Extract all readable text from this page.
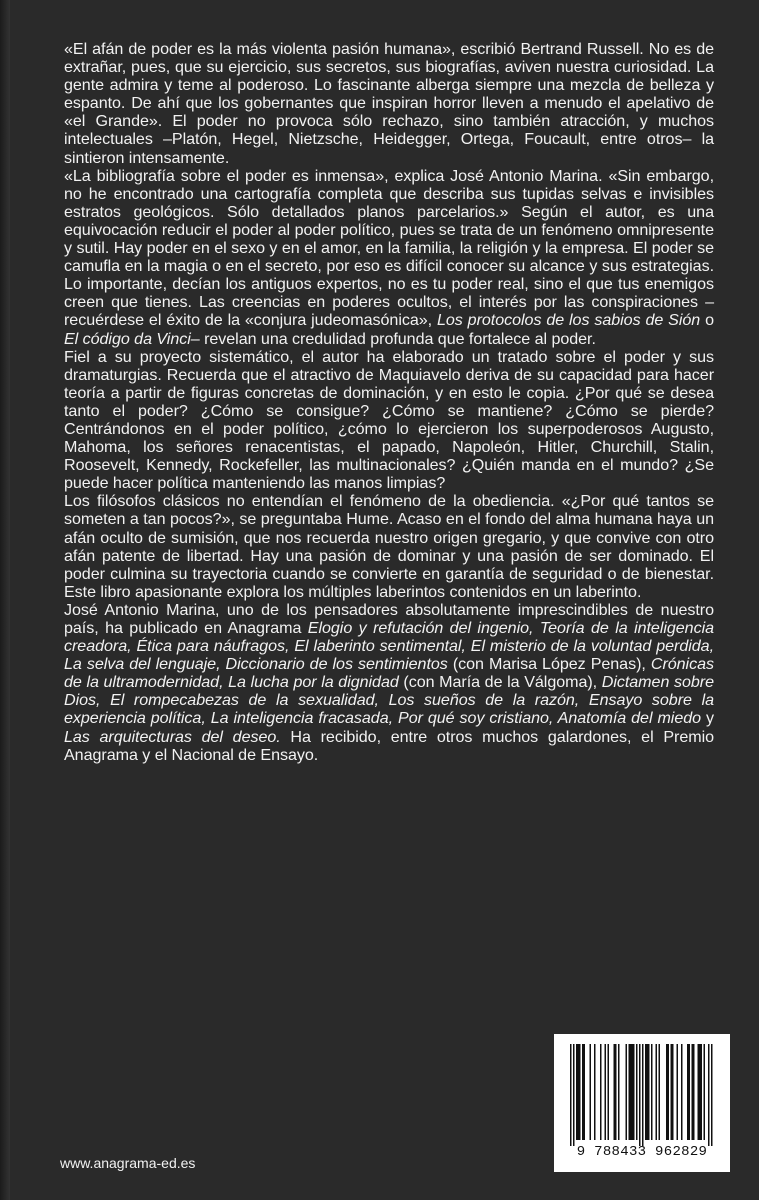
«El afán de poder es la más violenta pasión humana», escribió Bertrand Russell. No es de extrañar, pues, que su ejercicio, sus secretos, sus biografías, aviven nuestra curiosidad. La gente admira y teme al poderoso. Lo fascinante alberga siempre una mezcla de belleza y espanto. De ahí que los gobernantes que inspiran horror lleven a menudo el apelativo de «el Grande». El poder no provoca sólo rechazo, sino también atracción, y muchos intelectuales –Platón, Hegel, Nietzsche, Heidegger, Ortega, Foucault, entre otros– la sintieron intensamente.

«La bibliografía sobre el poder es inmensa», explica José Antonio Marina. «Sin embargo, no he encontrado una cartografía completa que describa sus tupidas selvas e invisibles estratos geológicos. Sólo detallados planos parcelarios.» Según el autor, es una equivocación reducir el poder al poder político, pues se trata de un fenómeno omnipresente y sutil. Hay poder en el sexo y en el amor, en la familia, la religión y la empresa. El poder se camufla en la magia o en el secreto, por eso es difícil conocer su alcance y sus estrategias. Lo importante, decían los antiguos expertos, no es tu poder real, sino el que tus enemigos creen que tienes. Las creencias en poderes ocultos, el interés por las conspiraciones –recuérdese el éxito de la «conjura judeomasónica», Los protocolos de los sabios de Sión o El código da Vinci– revelan una credulidad profunda que fortalece al poder.

Fiel a su proyecto sistemático, el autor ha elaborado un tratado sobre el poder y sus dramaturgias. Recuerda que el atractivo de Maquiavelo deriva de su capacidad para hacer teoría a partir de figuras concretas de dominación, y en esto le copia. ¿Por qué se desea tanto el poder? ¿Cómo se consigue? ¿Cómo se mantiene? ¿Cómo se pierde? Centrándonos en el poder político, ¿cómo lo ejercieron los superpoderosos Augusto, Mahoma, los señores renacentistas, el papado, Napoleón, Hitler, Churchill, Stalin, Roosevelt, Kennedy, Rockefeller, las multinacionales? ¿Quién manda en el mundo? ¿Se puede hacer política manteniendo las manos limpias?

Los filósofos clásicos no entendían el fenómeno de la obediencia. «¿Por qué tantos se someten a tan pocos?», se preguntaba Hume. Acaso en el fondo del alma humana haya un afán oculto de sumisión, que nos recuerda nuestro origen gregario, y que convive con otro afán patente de libertad. Hay una pasión de dominar y una pasión de ser dominado. El poder culmina su trayectoria cuando se convierte en garantía de seguridad o de bienestar. Este libro apasionante explora los múltiples laberintos contenidos en un laberinto.

José Antonio Marina, uno de los pensadores absolutamente imprescindibles de nuestro país, ha publicado en Anagrama Elogio y refutación del ingenio, Teoría de la inteligencia creadora, Ética para náufragos, El laberinto sentimental, El misterio de la voluntad perdida, La selva del lenguaje, Diccionario de los sentimientos (con Marisa López Penas), Crónicas de la ultramodernidad, La lucha por la dignidad (con María de la Válgoma), Dictamen sobre Dios, El rompecabezas de la sexualidad, Los sueños de la razón, Ensayo sobre la experiencia política, La inteligencia fracasada, Por qué soy cristiano, Anatomía del miedo y Las arquitecturas del deseo. Ha recibido, entre otros muchos galardones, el Premio Anagrama y el Nacional de Ensayo.

www.anagrama-ed.es
9 788433 962829
